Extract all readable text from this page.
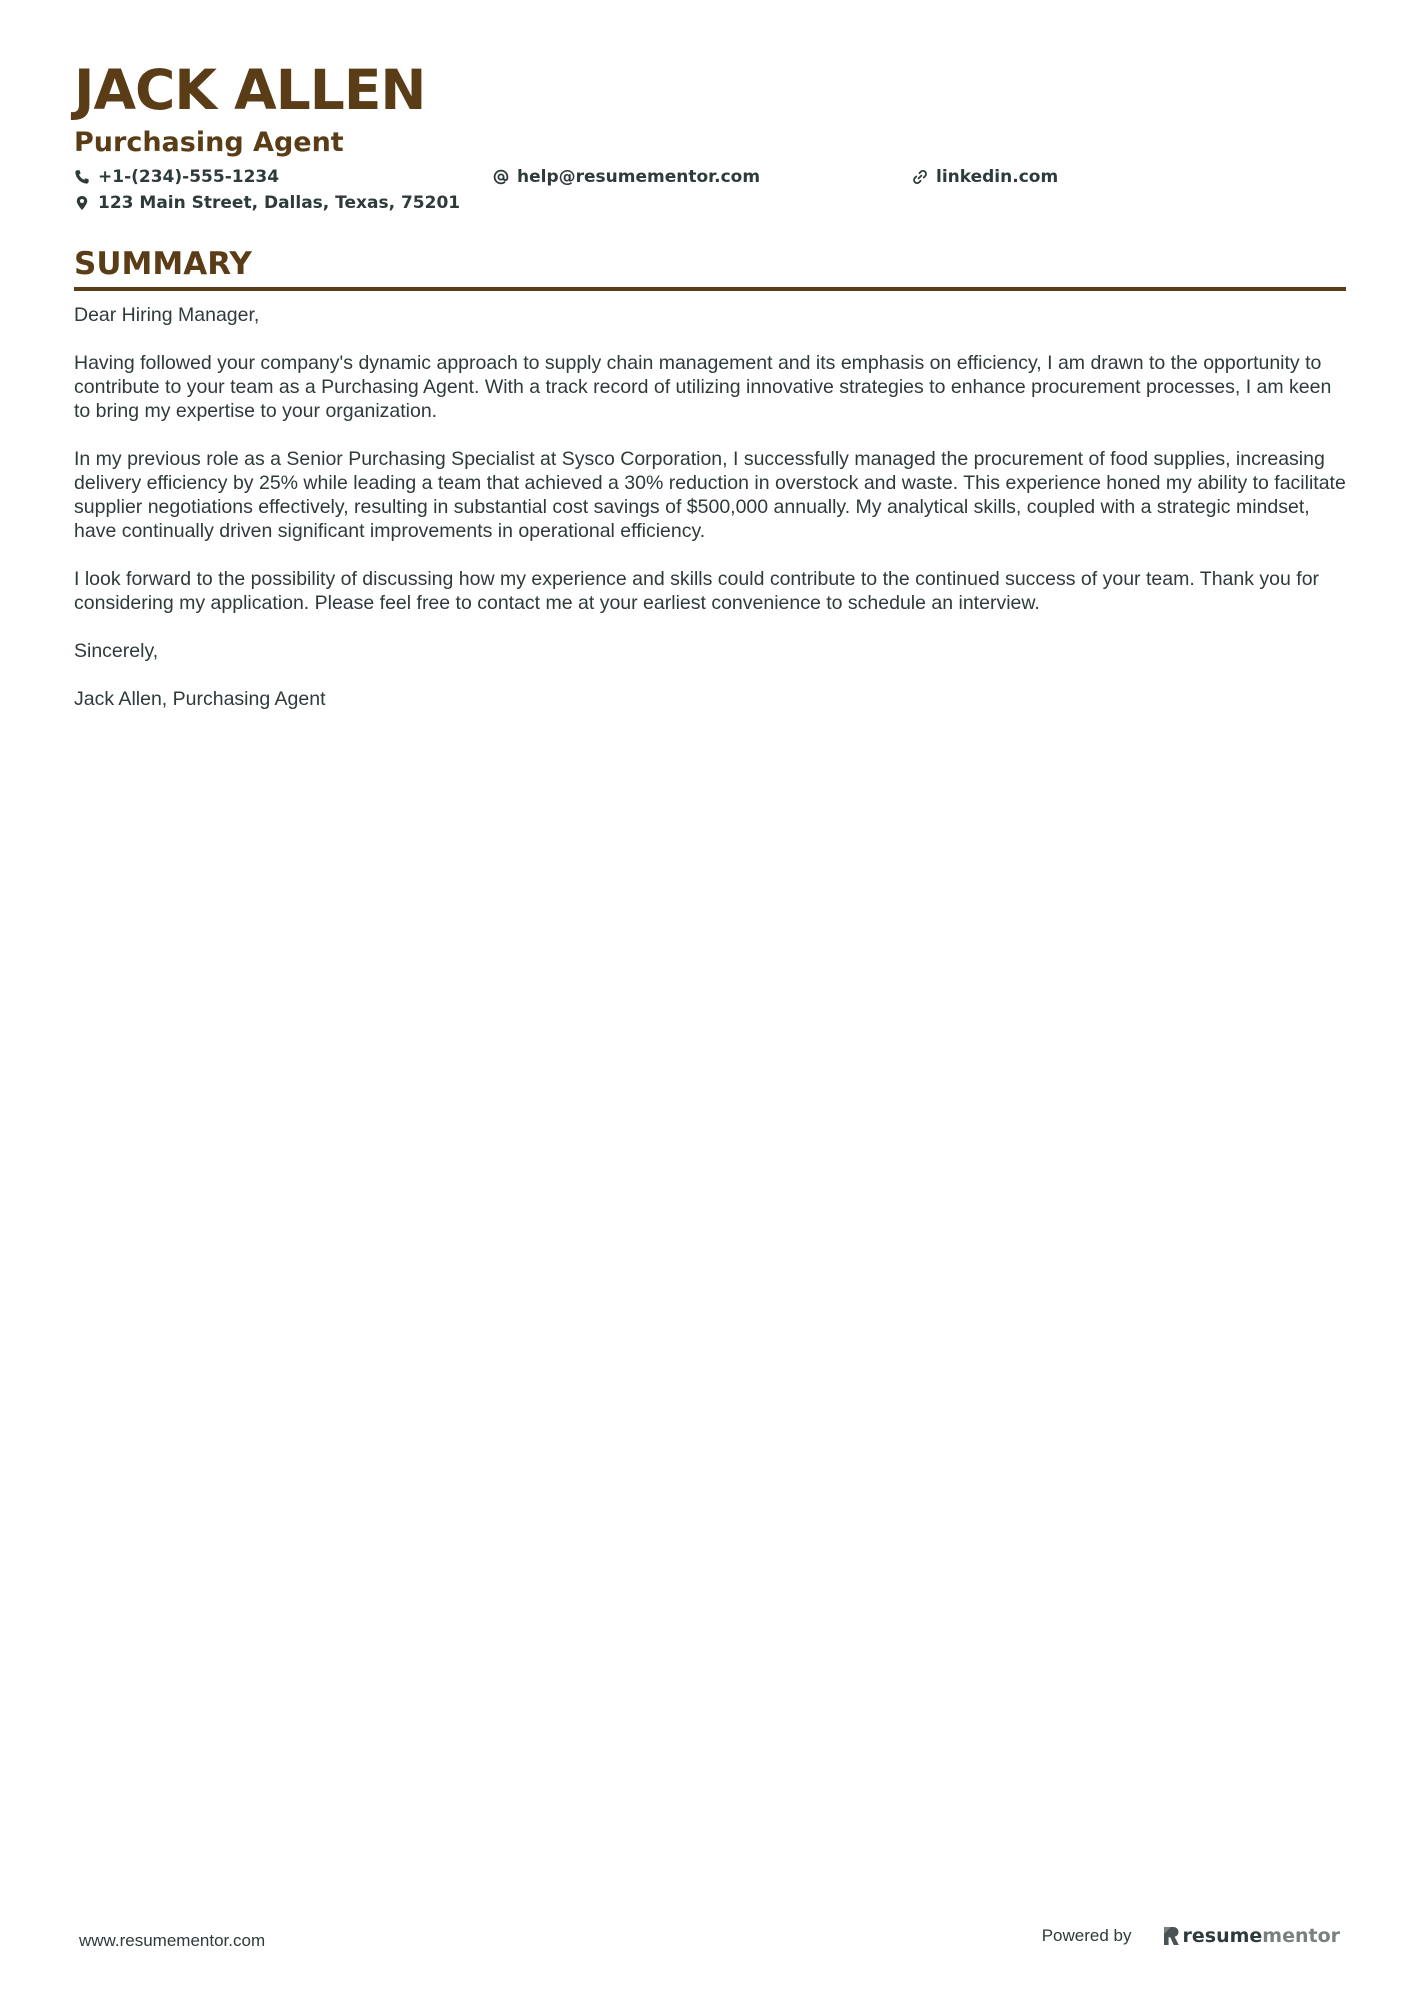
JACK ALLEN
Purchasing Agent
+1-(234)-555-1234	help@resumementor.com	linkedin.com
123 Main Street, Dallas, Texas, 75201
SUMMARY

Dear Hiring Manager,

Having followed your company's dynamic approach to supply chain management and its emphasis on efficiency, I am drawn to the opportunity to contribute to your team as a Purchasing Agent. With a track record of utilizing innovative strategies to enhance procurement processes, I am keen to bring my expertise to your organization.

In my previous role as a Senior Purchasing Specialist at Sysco Corporation, I successfully managed the procurement of food supplies, increasing delivery efficiency by 25% while leading a team that achieved a 30% reduction in overstock and waste. This experience honed my ability to facilitate supplier negotiations effectively, resulting in substantial cost savings of $500,000 annually. My analytical skills, coupled with a strategic mindset, have continually driven significant improvements in operational efficiency.

I look forward to the possibility of discussing how my experience and skills could contribute to the continued success of your team. Thank you for considering my application. Please feel free to contact me at your earliest convenience to schedule an interview.

Sincerely,

Jack Allen, Purchasing Agent

www.resumementor.com	Powered by	resume mentor
